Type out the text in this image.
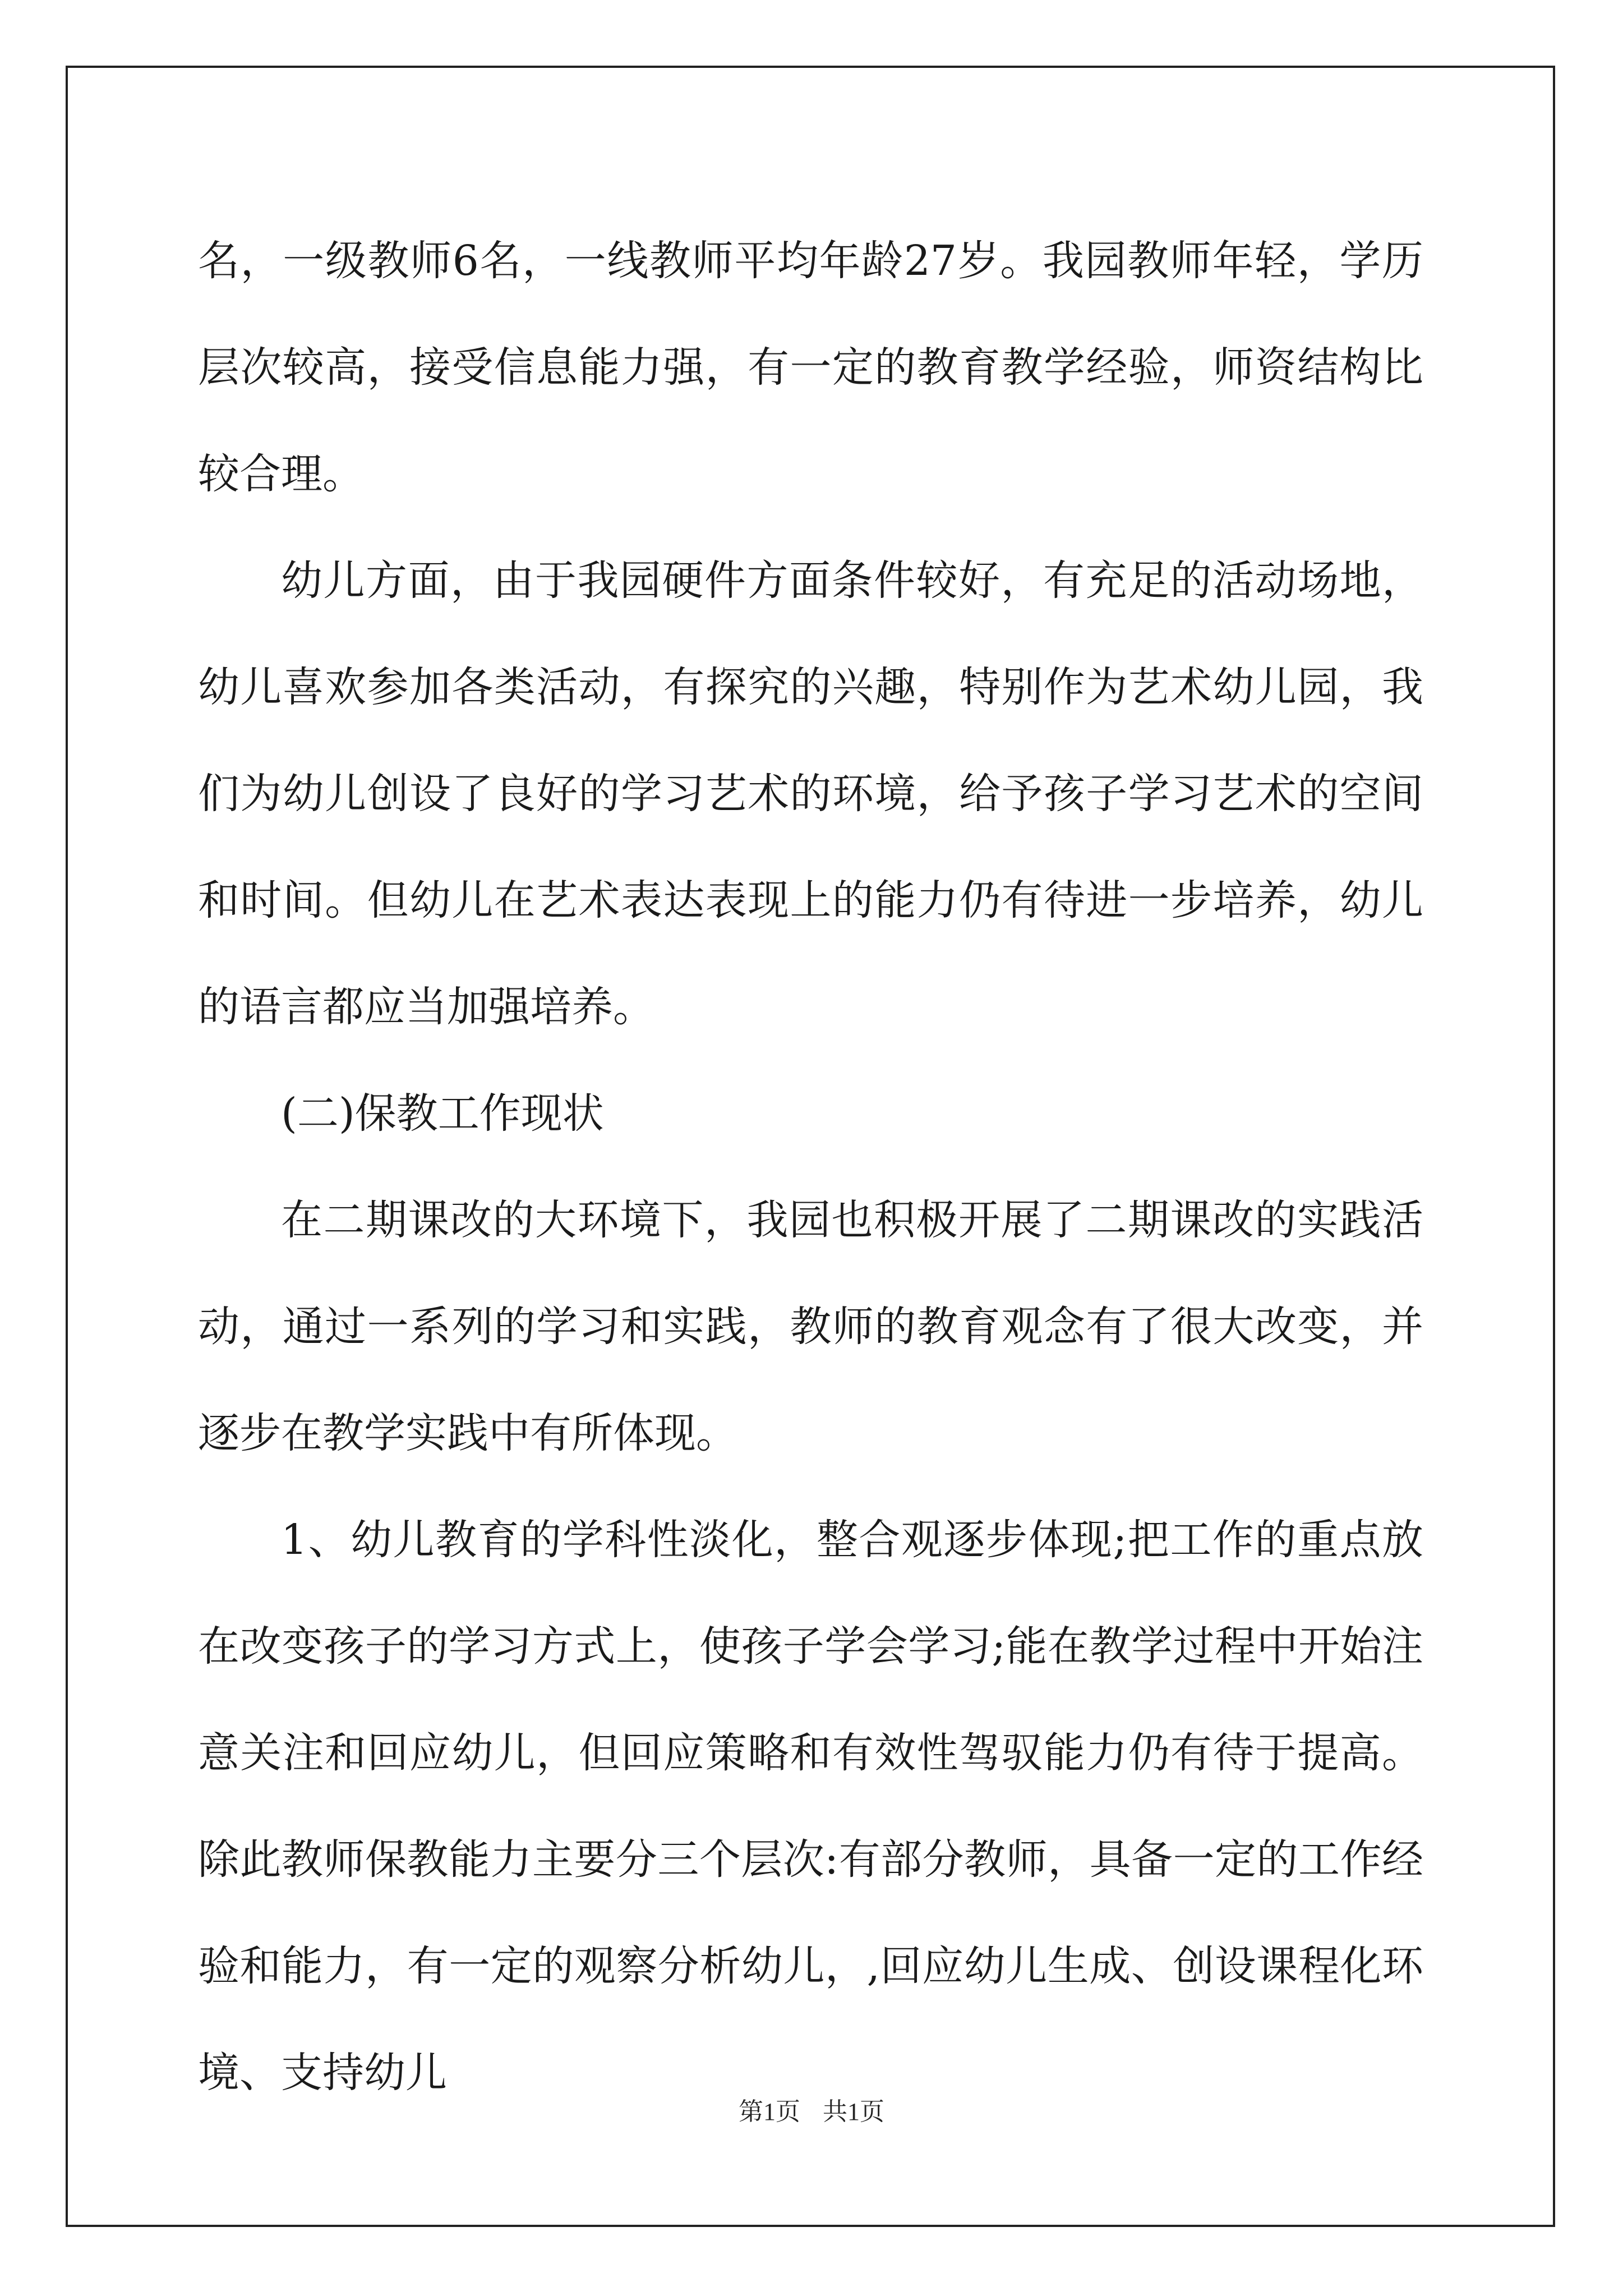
名，一级教师6名，一线教师平均年龄27岁。我园教师年轻，学历层次较高，接受信息能力强，有一定的教育教学经验，师资结构比较合理。

幼儿方面，由于我园硬件方面条件较好，有充足的活动场地，幼儿喜欢参加各类活动，有探究的兴趣，特别作为艺术幼儿园，我们为幼儿创设了良好的学习艺术的环境，给予孩子学习艺术的空间和时间。但幼儿在艺术表达表现上的能力仍有待进一步培养，幼儿的语言都应当加强培养。

(二)保教工作现状

在二期课改的大环境下，我园也积极开展了二期课改的实践活动，通过一系列的学习和实践，教师的教育观念有了很大改变，并逐步在教学实践中有所体现。

1、幼儿教育的学科性淡化，整合观逐步体现;把工作的重点放在改变孩子的学习方式上，使孩子学会学习;能在教学过程中开始注意关注和回应幼儿，但回应策略和有效性驾驭能力仍有待于提高。除此教师保教能力主要分三个层次:有部分教师，具备一定的工作经验和能力，有一定的观察分析幼儿，,回应幼儿生成、创设课程化环境、支持幼儿

第1页 共1页
